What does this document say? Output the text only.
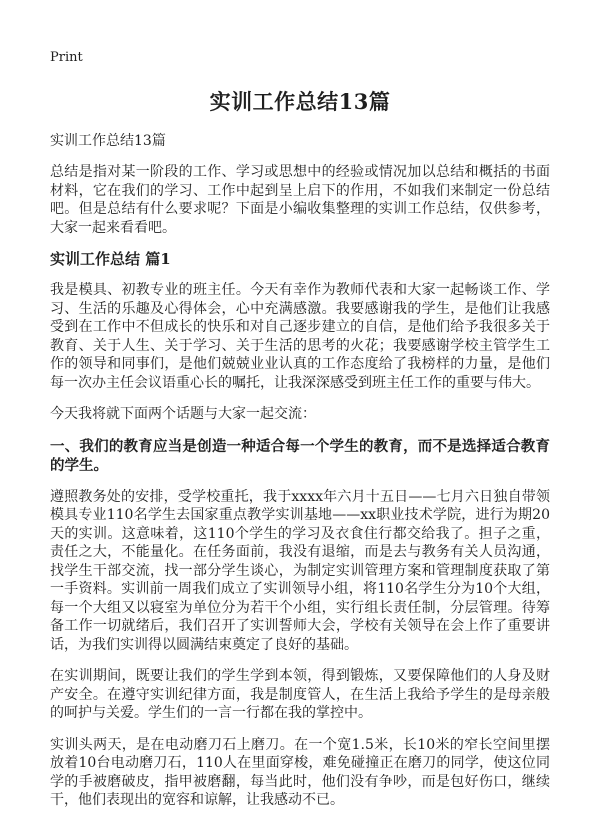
Print
实训工作总结13篇
实训工作总结13篇

总结是指对某一阶段的工作、学习或思想中的经验或情况加以总结和概括的书面材料，它在我们的学习、工作中起到呈上启下的作用，不如我们来制定一份总结吧。但是总结有什么要求呢？下面是小编收集整理的实训工作总结，仅供参考，大家一起来看看吧。

实训工作总结 篇1

我是模具、初教专业的班主任。今天有幸作为教师代表和大家一起畅谈工作、学习、生活的乐趣及心得体会，心中充满感激。我要感谢我的学生，是他们让我感受到在工作中不但成长的快乐和对自己逐步建立的自信，是他们给予我很多关于教育、关于人生、关于学习、关于生活的思考的火花；我要感谢学校主管学生工作的领导和同事们，是他们兢兢业业认真的工作态度给了我榜样的力量，是他们每一次办主任会议语重心长的嘱托，让我深深感受到班主任工作的重要与伟大。

今天我将就下面两个话题与大家一起交流：

一、我们的教育应当是创造一种适合每一个学生的教育，而不是选择适合教育的学生。

遵照教务处的安排，受学校重托，我于xxxx年六月十五日——七月六日独自带领模具专业110名学生去国家重点教学实训基地——xx职业技术学院，进行为期20天的实训。这意味着，这110个学生的学习及衣食住行都交给我了。担子之重，责任之大，不能量化。在任务面前，我没有退缩，而是去与教务有关人员沟通，找学生干部交流，找一部分学生谈心，为制定实训管理方案和管理制度获取了第一手资料。实训前一周我们成立了实训领导小组，将110名学生分为10个大组，每一个大组又以寝室为单位分为若干个小组，实行组长责任制，分层管理。待筹备工作一切就绪后，我们召开了实训誓师大会，学校有关领导在会上作了重要讲话，为我们实训得以圆满结束奠定了良好的基础。

在实训期间，既要让我们的学生学到本领，得到锻炼，又要保障他们的人身及财产安全。在遵守实训纪律方面，我是制度管人，在生活上我给予学生的是母亲般的呵护与关爱。学生们的一言一行都在我的掌控中。

实训头两天，是在电动磨刀石上磨刀。在一个宽1.5米，长10米的窄长空间里摆放着10台电动磨刀石，110人在里面穿梭，难免碰撞正在磨刀的同学，使这位同学的手被磨破皮，指甲被磨翻，每当此时，他们没有争吵，而是包好伤口，继续干，他们表现出的宽容和谅解，让我感动不已。
